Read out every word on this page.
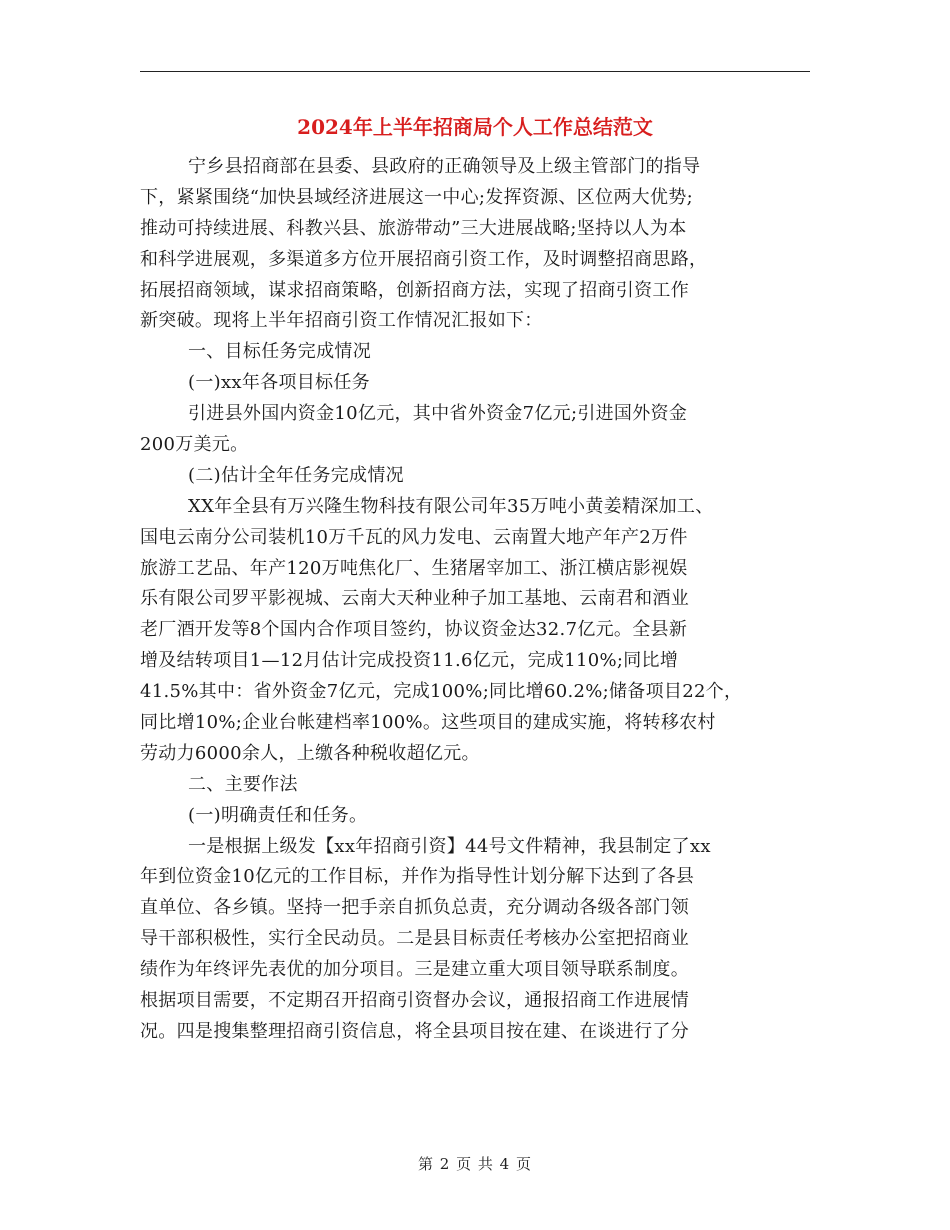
2024年上半年招商局个人工作总结范文
宁乡县招商部在县委、县政府的正确领导及上级主管部门的指导
下，紧紧围绕“加快县域经济进展这一中心;发挥资源、区位两大优势;
推动可持续进展、科教兴县、旅游带动”三大进展战略;坚持以人为本
和科学进展观，多渠道多方位开展招商引资工作，及时调整招商思路，
拓展招商领域，谋求招商策略，创新招商方法，实现了招商引资工作
新突破。现将上半年招商引资工作情况汇报如下：
一、目标任务完成情况
(一)xx年各项目标任务
引进县外国内资金10亿元，其中省外资金7亿元;引进国外资金
200万美元。
(二)估计全年任务完成情况
XX年全县有万兴隆生物科技有限公司年35万吨小黄姜精深加工、
国电云南分公司装机10万千瓦的风力发电、云南置大地产年产2万件
旅游工艺品、年产120万吨焦化厂、生猪屠宰加工、浙江横店影视娱
乐有限公司罗平影视城、云南大天种业种子加工基地、云南君和酒业
老厂酒开发等8个国内合作项目签约，协议资金达32.7亿元。全县新
增及结转项目1—12月估计完成投资11.6亿元，完成110%;同比增
41.5%其中：省外资金7亿元，完成100%;同比增60.2%;储备项目22个，
同比增10%;企业台帐建档率100%。这些项目的建成实施，将转移农村
劳动力6000余人，上缴各种税收超亿元。
二、主要作法
(一)明确责任和任务。
一是根据上级发【xx年招商引资】44号文件精神，我县制定了xx
年到位资金10亿元的工作目标，并作为指导性计划分解下达到了各县
直单位、各乡镇。坚持一把手亲自抓负总责，充分调动各级各部门领
导干部积极性，实行全民动员。二是县目标责任考核办公室把招商业
绩作为年终评先表优的加分项目。三是建立重大项目领导联系制度。
根据项目需要，不定期召开招商引资督办会议，通报招商工作进展情
况。四是搜集整理招商引资信息，将全县项目按在建、在谈进行了分
第 2 页 共 4 页
